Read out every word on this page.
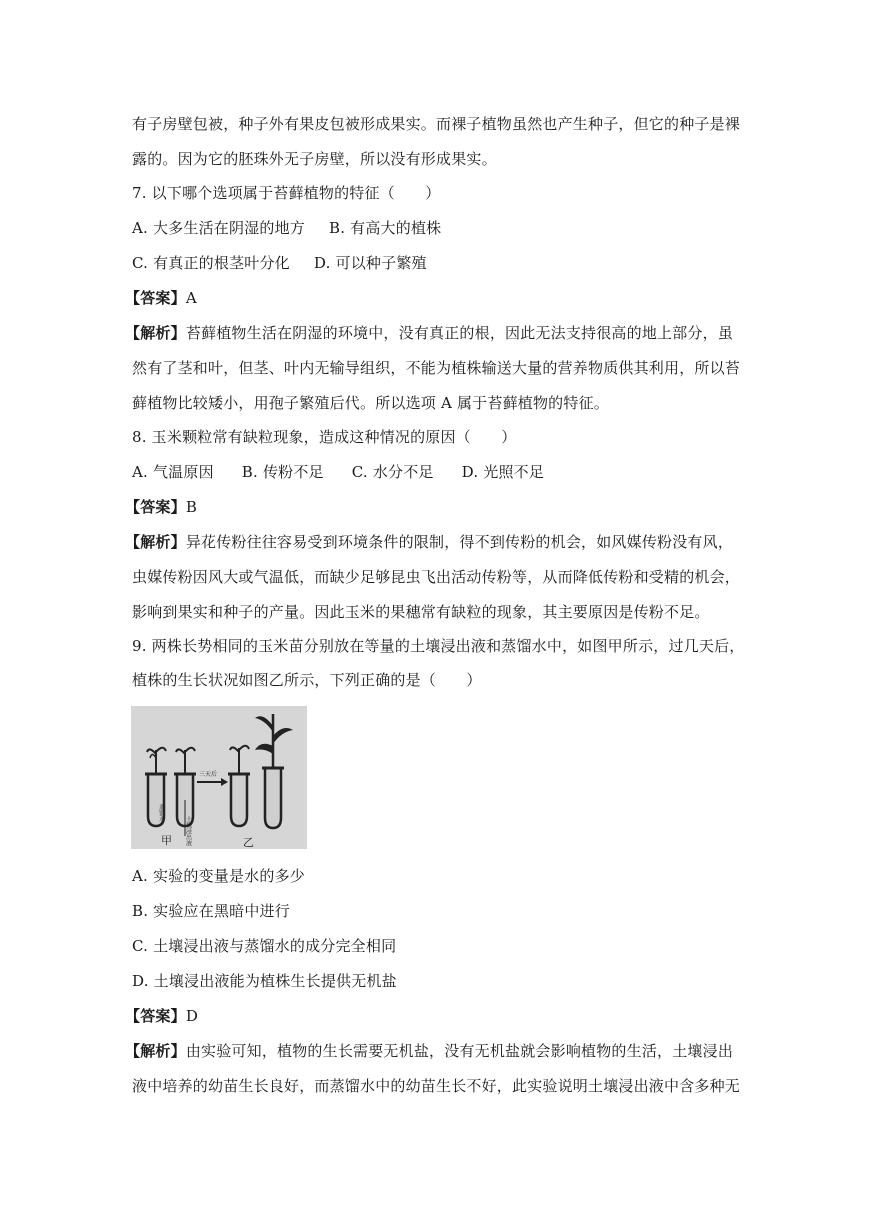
有子房壁包被，种子外有果皮包被形成果实。而裸子植物虽然也产生种子，但它的种子是裸
露的。因为它的胚珠外无子房壁，所以没有形成果实。
7. 以下哪个选项属于苔藓植物的特征（　　）
A. 大多生活在阴湿的地方 B. 有高大的植株
C. 有真正的根茎叶分化 D. 可以种子繁殖
【答案】A
【解析】苔藓植物生活在阴湿的环境中，没有真正的根，因此无法支持很高的地上部分，虽
然有了茎和叶，但茎、叶内无输导组织，不能为植株输送大量的营养物质供其利用，所以苔
藓植物比较矮小，用孢子繁殖后代。所以选项 A 属于苔藓植物的特征。
8. 玉米颗粒常有缺粒现象，造成这种情况的原因（　　）
A. 气温原因 B. 传粉不足 C. 水分不足 D. 光照不足
【答案】B
【解析】异花传粉往往容易受到环境条件的限制，得不到传粉的机会，如风媒传粉没有风，
虫媒传粉因风大或气温低，而缺少足够昆虫飞出活动传粉等，从而降低传粉和受精的机会，
影响到果实和种子的产量。因此玉米的果穗常有缺粒的现象，其主要原因是传粉不足。
9. 两株长势相同的玉米苗分别放在等量的土壤浸出液和蒸馏水中，如图甲所示，过几天后，
植株的生长状况如图乙所示，下列正确的是（　　）
蒸馏水
土壤浸出液
三天后
甲	乙
A. 实验的变量是水的多少
B. 实验应在黑暗中进行
C. 土壤浸出液与蒸馏水的成分完全相同
D. 土壤浸出液能为植株生长提供无机盐
【答案】D
【解析】由实验可知，植物的生长需要无机盐，没有无机盐就会影响植物的生活，土壤浸出
液中培养的幼苗生长良好，而蒸馏水中的幼苗生长不好，此实验说明土壤浸出液中含多种无
